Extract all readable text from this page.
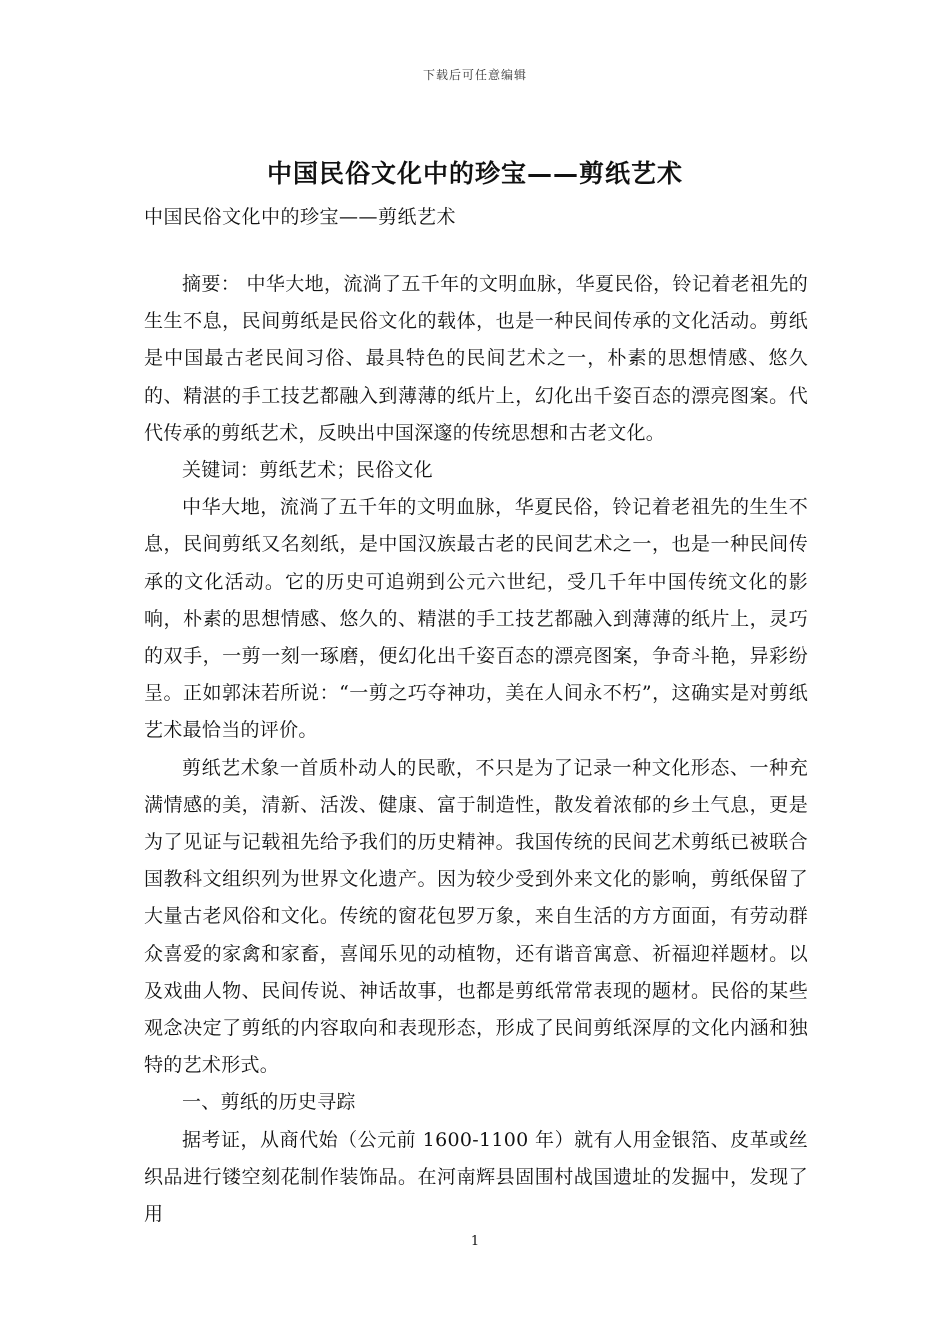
下载后可任意编辑
中国民俗文化中的珍宝——剪纸艺术
中国民俗文化中的珍宝——剪纸艺术

摘要： 中华大地，流淌了五千年的文明血脉，华夏民俗，铃记着老祖先的生生不息，民间剪纸是民俗文化的载体，也是一种民间传承的文化活动。剪纸是中国最古老民间习俗、最具特色的民间艺术之一，朴素的思想情感、悠久的、精湛的手工技艺都融入到薄薄的纸片上，幻化出千姿百态的漂亮图案。代代传承的剪纸艺术，反映出中国深邃的传统思想和古老文化。

关键词：剪纸艺术；民俗文化

中华大地，流淌了五千年的文明血脉，华夏民俗，铃记着老祖先的生生不息，民间剪纸又名刻纸，是中国汉族最古老的民间艺术之一，也是一种民间传承的文化活动。它的历史可追朔到公元六世纪，受几千年中国传统文化的影响，朴素的思想情感、悠久的、精湛的手工技艺都融入到薄薄的纸片上，灵巧的双手，一剪一刻一琢磨，便幻化出千姿百态的漂亮图案，争奇斗艳，异彩纷呈。正如郭沫若所说：“一剪之巧夺神功，美在人间永不朽”，这确实是对剪纸艺术最恰当的评价。

剪纸艺术象一首质朴动人的民歌，不只是为了记录一种文化形态、一种充满情感的美，清新、活泼、健康、富于制造性，散发着浓郁的乡土气息，更是为了见证与记载祖先给予我们的历史精神。我国传统的民间艺术剪纸已被联合国教科文组织列为世界文化遗产。因为较少受到外来文化的影响，剪纸保留了大量古老风俗和文化。传统的窗花包罗万象，来自生活的方方面面，有劳动群众喜爱的家禽和家畜，喜闻乐见的动植物，还有谐音寓意、祈福迎祥题材。以及戏曲人物、民间传说、神话故事，也都是剪纸常常表现的题材。民俗的某些观念决定了剪纸的内容取向和表现形态，形成了民间剪纸深厚的文化内涵和独特的艺术形式。

一、剪纸的历史寻踪

据考证，从商代始（公元前 1600-1100 年）就有人用金银箔、皮革或丝织品进行镂空刻花制作装饰品。在河南辉县固围村战国遗址的发掘中，发现了用

1
